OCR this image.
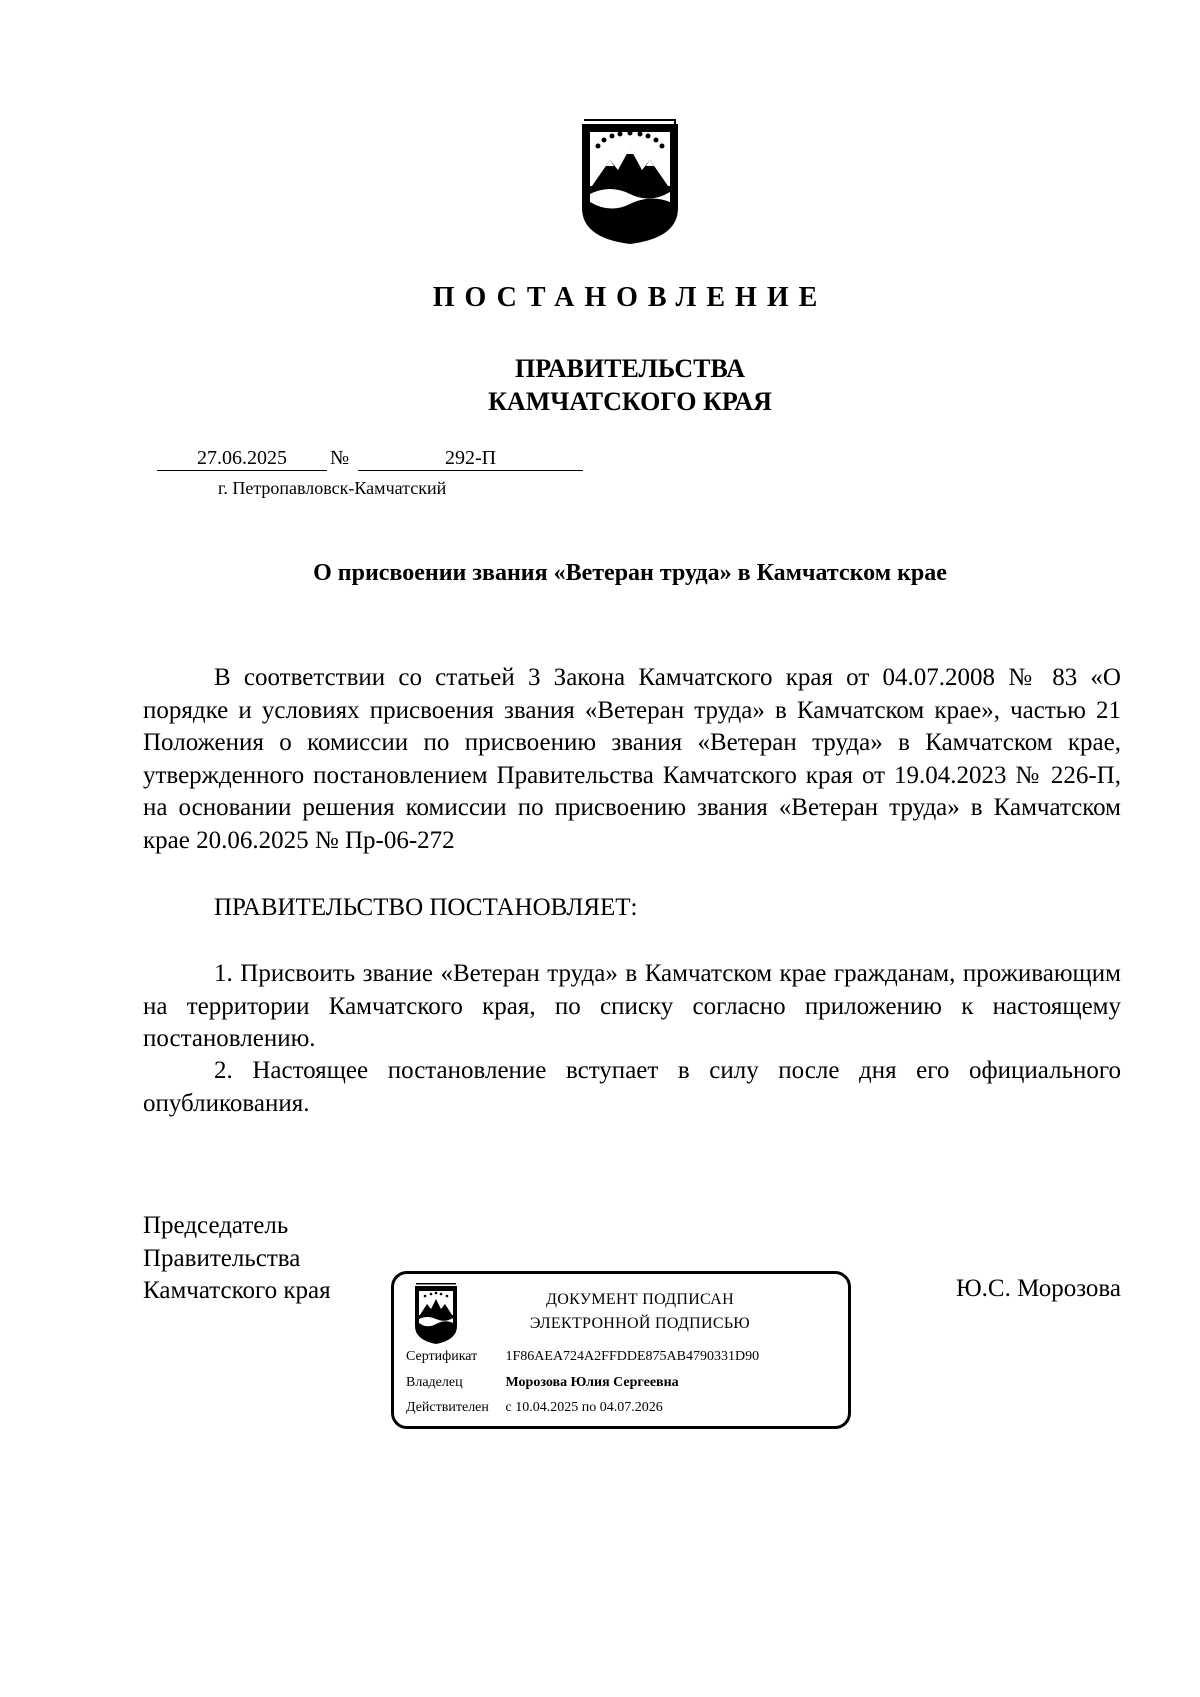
ПОСТАНОВЛЕНИЕ
ПРАВИТЕЛЬСТВА
КАМЧАТСКОГО КРАЯ
27.06.2025	№	292-П
г. Петропавловск-Камчатский
О присвоении звания «Ветеран труда» в Камчатском крае

В соответствии со статьей 3 Закона Камчатского края от 04.07.2008 № 83 «О порядке и условиях присвоения звания «Ветеран труда» в Камчатском крае», частью 21 Положения о комиссии по присвоению звания «Ветеран труда» в Камчатском крае, утвержденного постановлением Правительства Камчатского края от 19.04.2023 № 226-П, на основании решения комиссии по присвоению звания «Ветеран труда» в Камчатском крае 20.06.2025 № Пр-06-272

ПРАВИТЕЛЬСТВО ПОСТАНОВЛЯЕТ:

1. Присвоить звание «Ветеран труда» в Камчатском крае гражданам, проживающим на территории Камчатского края, по списку согласно приложению к настоящему постановлению.

2. Настоящее постановление вступает в силу после дня его официального опубликования.

Председатель
Правительства
Камчатского края	ДОКУМЕНТ ПОДПИСАН
ЭЛЕКТРОННОЙ ПОДПИСЬЮ
Сертификат 1F86AEA724A2FFDDE875AB4790331D90
Владелец	Морозова Юлия Сергеевна
Действителен с 10.04.2025 по 04.07.2026
Ю.С. Морозова
